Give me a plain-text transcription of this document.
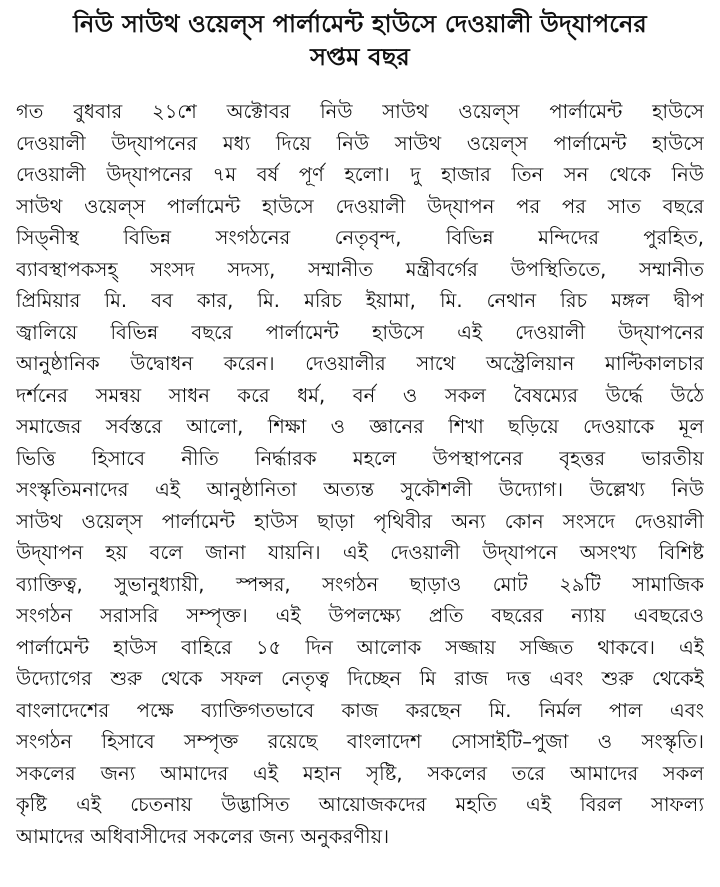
নিউ সাউথ ওয়েল্স পার্লামেন্ট হাউসে দেওয়ালী উদ্‌যাপনের
সপ্তম বছর
গত বুধবার ২১শে অক্টোবর নিউ সাউথ ওয়েল্স পার্লামেন্ট হাউসে
দেওয়ালী উদ্‌যাপনের মধ্য দিয়ে নিউ সাউথ ওয়েল্স পার্লামেন্ট হাউসে
দেওয়ালী উদ্‌যাপনের ৭ম বর্ষ পূর্ণ হলো। দু হাজার তিন সন থেকে নিউ
সাউথ ওয়েল্স পার্লামেন্ট হাউসে দেওয়ালী উদ্‌যাপন পর পর সাত বছরে
সিড্‌নীস্থ বিভিন্ন সংগঠনের নেতৃবৃন্দ, বিভিন্ন মন্দিদের পুরহিত,
ব্যাবস্থাপকসহ্ সংসদ সদস্য, সম্মানীত মন্ত্রীবর্গের উপস্থিতিতে, সম্মানীত
প্রিমিয়ার মি. বব কার, মি. মরিচ ইয়ামা, মি. নেথান রিচ মঙ্গল দ্বীপ
জ্বালিয়ে বিভিন্ন বছরে পার্লামেন্ট হাউসে এই দেওয়ালী উদ্‌যাপনের
আনুষ্ঠানিক উদ্বোধন করেন। দেওয়ালীর সাথে অস্ট্রেলিয়ান মাল্টিকালচার
দর্শনের সমন্বয় সাধন করে ধর্ম, বর্ন ও সকল বৈষম্যের উর্দ্ধে উঠে
সমাজের সর্বস্তরে আলো, শিক্ষা ও জ্ঞানের শিখা ছড়িয়ে দেওয়াকে মূল
ভিত্তি হিসাবে নীতি নির্দ্ধারক মহলে উপস্থাপনের বৃহত্তর ভারতীয়
সংস্কৃতিমনাদের এই আনুষ্ঠানিতা অত্যন্ত সুকৌশলী উদ্যোগ। উল্লেখ্য নিউ
সাউথ ওয়েল্স পার্লামেন্ট হাউস ছাড়া পৃথিবীর অন্য কোন সংসদে দেওয়ালী
উদ্‌যাপন হয় বলে জানা যায়নি। এই দেওয়ালী উদ্‌যাপনে অসংখ্য বিশিষ্ট
ব্যাক্তিত্ব, সুভানুধ্যায়ী, স্পন্সর, সংগঠন ছাড়াও মোট ২৯টি সামাজিক
সংগঠন সরাসরি সম্পৃক্ত। এই উপলক্ষ্যে প্রতি বছরের ন্যায় এবছরেও
পার্লামেন্ট হাউস বাহিরে ১৫ দিন আলোক সজ্জায় সজ্জিত থাকবে। এই
উদ্যোগের শুরু থেকে সফল নেতৃত্ব দিচ্ছেন মি রাজ দত্ত এবং শুরু থেকেই
বাংলাদেশের পক্ষে ব্যাক্তিগতভাবে কাজ করছেন মি. নির্মল পাল এবং
সংগঠন হিসাবে সম্পৃক্ত রয়েছে বাংলাদেশ সোসাইটি–পুজা ও সংস্কৃতি।
সকলের জন্য আমাদের এই মহান সৃষ্টি, সকলের তরে আমাদের সকল
কৃষ্টি এই চেতনায় উদ্ভাসিত আয়োজকদের মহতি এই বিরল সাফল্য
আমাদের অধিবাসীদের সকলের জন্য অনুকরণীয়।
